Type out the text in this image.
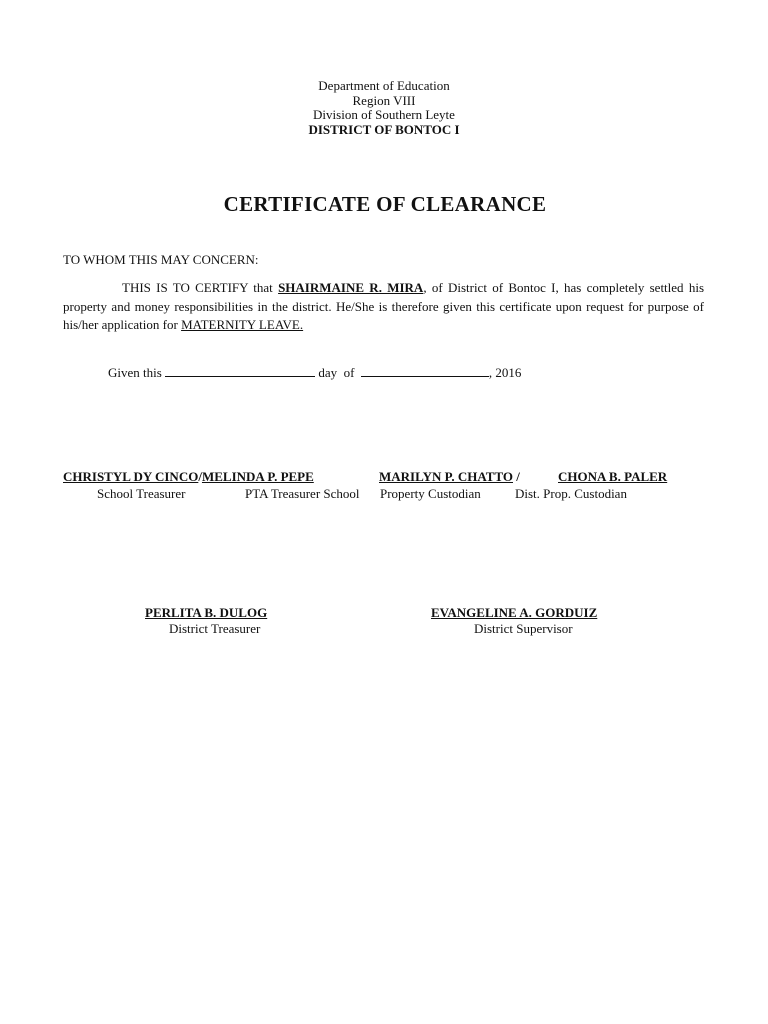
Department of Education
Region VIII
Division of Southern Leyte
DISTRICT OF BONTOC I
CERTIFICATE OF CLEARANCE
TO WHOM THIS MAY CONCERN:
THIS IS TO CERTIFY that SHAIRMAINE R. MIRA, of District of Bontoc I, has completely settled his property and money responsibilities in the district. He/She is therefore given this certificate upon request for purpose of his/her application for MATERNITY LEAVE.
Given this	day  of	, 2016
CHRISTYL DY CINCO/MELINDA P. PEPE	MARILYN P. CHATTO /	CHONA B. PALER
School Treasurer	PTA Treasurer School Property Custodian	Dist. Prop. Custodian
PERLITA B. DULOG
District Treasurer
EVANGELINE A. GORDUIZ
District Supervisor
